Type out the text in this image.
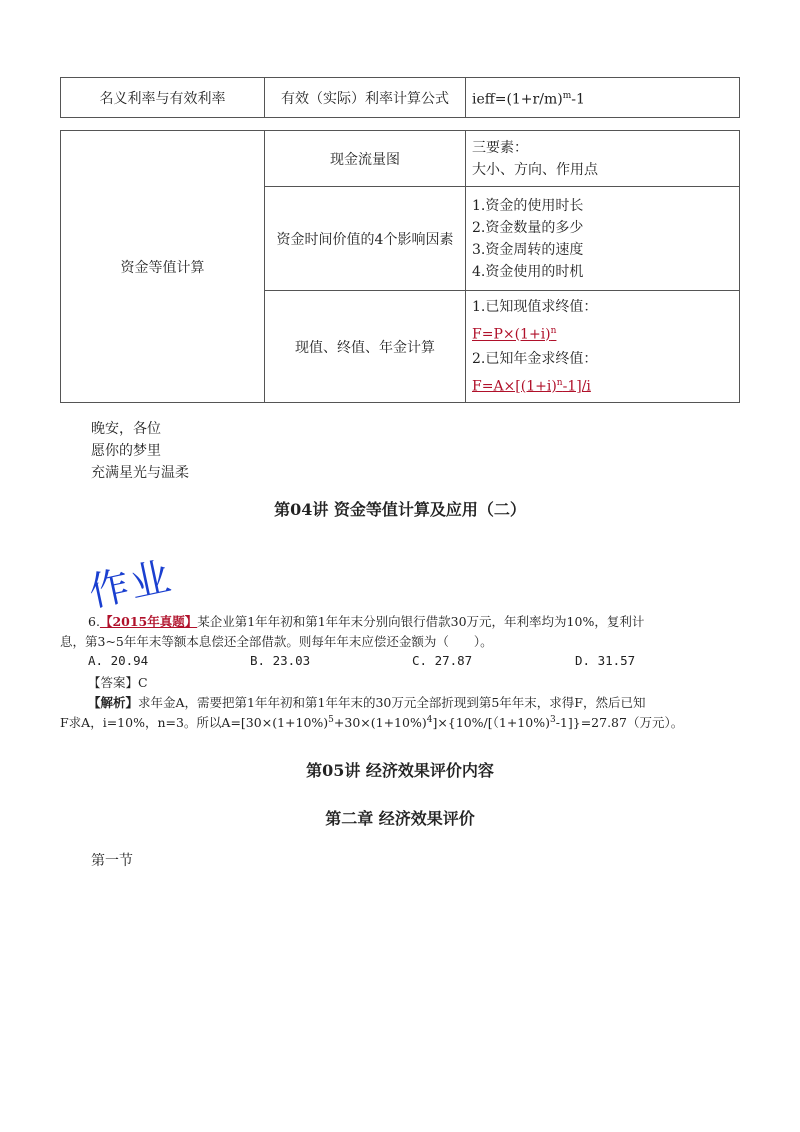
名义利率与有效利率	有效（实际）利率计算公式	$ieff=(1+r/m)^m-1$
资金等值计算	现金流量图	三要素：
大小、方向、作用点

	资金时间价值的4个影响因素	1.资金的使用时长
2.资金数量的多少
3.资金周转的速度
4.资金使用的时机

	现值、终值、年金计算	1.已知现值求终值：
$F=P\times(1+i)^n$
2.已知年金求终值：
$F=A\times[(1+i)^n-1]/i$
晚安，各位
愿你的梦里
充满星光与温柔
第04讲 资金等值计算及应用（二）
作业
6.【2015年真题】某企业第1年年初和第1年年末分别向银行借款30万元，年利率均为10%，复利计
息，第3~5年年末等额本息偿还全部借款。则每年年末应偿还金额为（　　）。
A. 20.94	B. 23.03	C. 27.87	D. 31.57
【答案】C
【解析】求年金A，需要把第1年年初和第1年年末的30万元全部折现到第5年年末，求得F，然后已知
F求A，i=10%，n=3。所以$A=[30\times(1+10\%)^5+30\times(1+10\%)^4]\times\{10\%/[(1+10\%)^3-1]\}=27.87$（万元）。
第05讲 经济效果评价内容
第二章 经济效果评价
第一节
